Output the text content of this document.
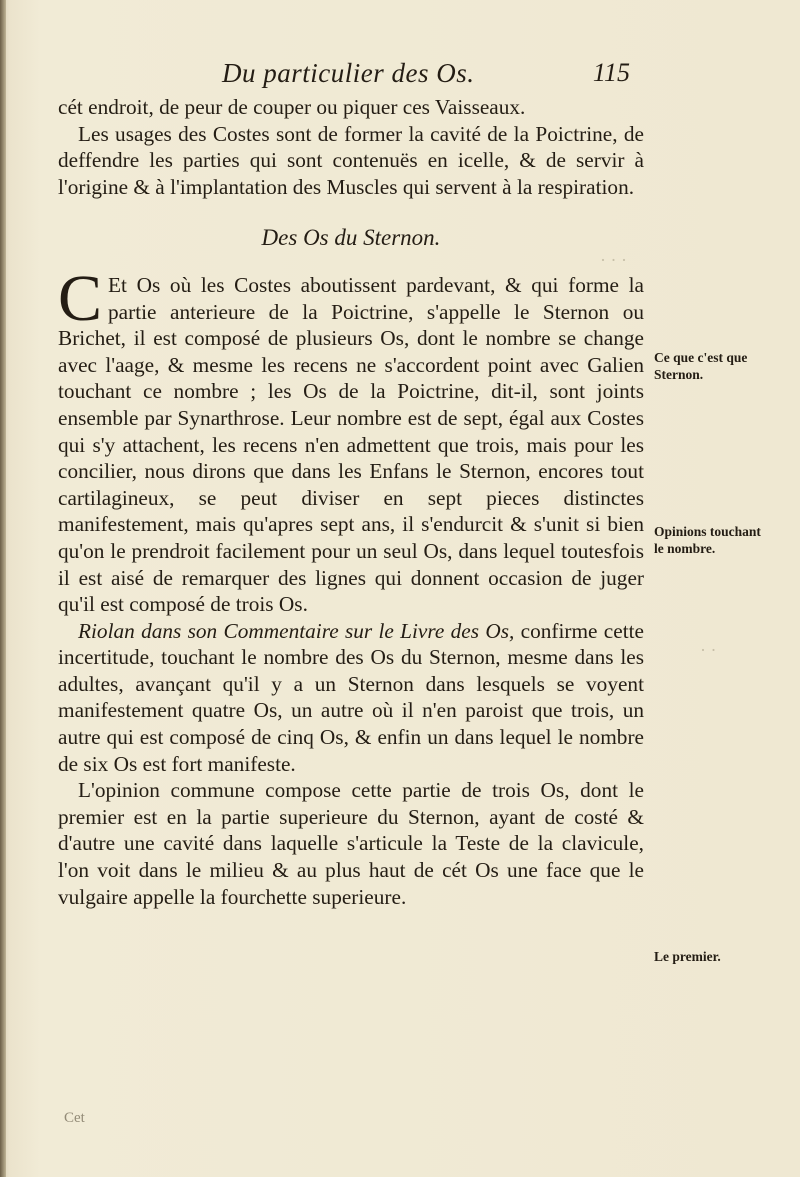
Du particulier des Os.	115

cét endroit, de peur de couper ou piquer ces Vaisseaux.

Les usages des Costes sont de former la cavité de la Poictrine, de deffendre les parties qui sont contenuës en icelle, & de servir à l'origine & à l'implantation des Muscles qui servent à la respiration.

Des Os du Sternon.

C Et Os où les Costes aboutissent pardevant, & qui forme la partie anterieure de la Poictrine, s'appelle le Sternon ou Brichet, il est composé de plusieurs Os, dont le nombre se change avec l'aage, & mesme les recens ne s'accordent point avec Galien touchant ce nombre ; les Os de la Poictrine, dit-il, sont joints ensemble par Synarthrose. Leur nombre est de sept, égal aux Costes qui s'y attachent, les recens n'en admettent que trois, mais pour les concilier, nous dirons que dans les Enfans le Sternon, encores tout cartilagineux, se peut diviser en sept pieces distinctes manifestement, mais qu'apres sept ans, il s'endurcit & s'unit si bien qu'on le prendroit facilement pour un seul Os, dans lequel toutesfois il est aisé de remarquer des lignes qui donnent occasion de juger qu'il est composé de trois Os.

Riolan dans son Commentaire sur le Livre des Os, confirme cette incertitude, touchant le nombre des Os du Sternon, mesme dans les adultes, avançant qu'il y a un Sternon dans lesquels se voyent manifestement quatre Os, un autre où il n'en paroist que trois, un autre qui est composé de cinq Os, & enfin un dans lequel le nombre de six Os est fort manifeste.

L'opinion commune compose cette partie de trois Os, dont le premier est en la partie superieure du Sternon, ayant de costé & d'autre une cavité dans laquelle s'articule la Teste de la clavicule, l'on voit dans le milieu & au plus haut de cét Os une face que le vulgaire appelle la fourchette superieure.

Cet
Ce que c'est que Sternon.
Opinions touchant le nombre.
Le premier.
· · ·
· ·
